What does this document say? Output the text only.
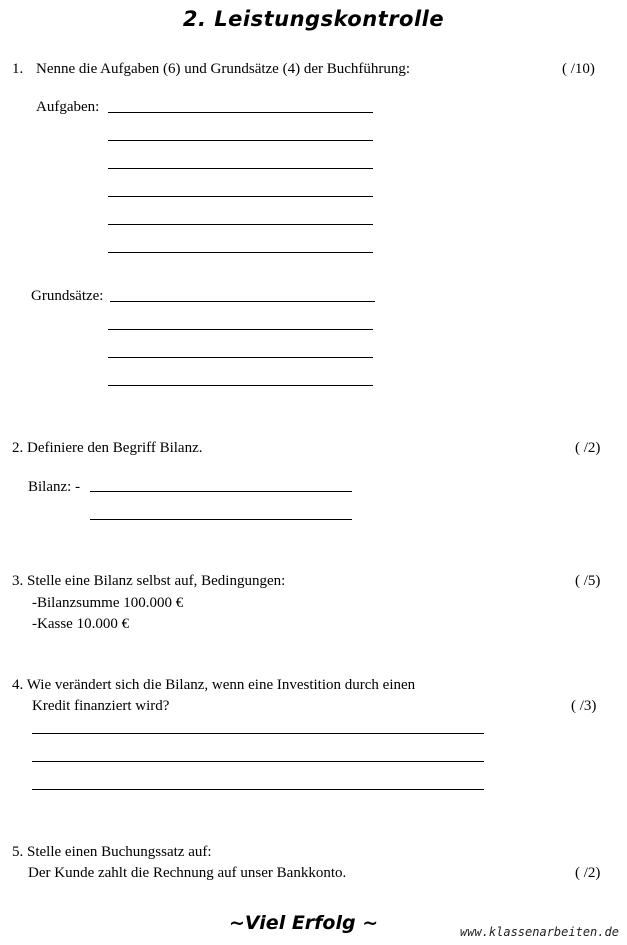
2. Leistungskontrolle
1. Nenne die Aufgaben (6) und Grundsätze (4) der Buchführung:	( /10)
Aufgaben:
Grundsätze:
2. Definiere den Begriff Bilanz.	( /2)
Bilanz: -
3. Stelle eine Bilanz selbst auf, Bedingungen:	( /5)
-Bilanzsumme 100.000 €
-Kasse 10.000 €
4. Wie verändert sich die Bilanz, wenn eine Investition durch einen
Kredit finanziert wird?	( /3)
5. Stelle einen Buchungssatz auf:
Der Kunde zahlt die Rechnung auf unser Bankkonto.	( /2)
~Viel Erfolg ~	www.klassenarbeiten.de
